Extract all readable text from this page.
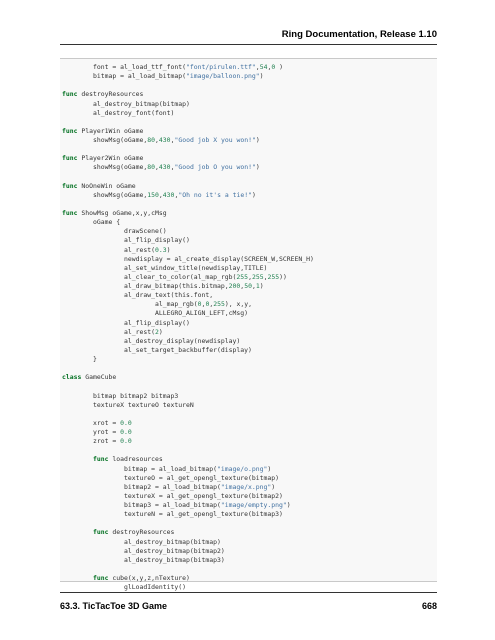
Ring Documentation, Release 1.10
font = al_load_ttf_font("font/pirulen.ttf",54,0 )
bitmap = al_load_bitmap("image/balloon.png")
func destroyResources
al_destroy_bitmap(bitmap)
al_destroy_font(font)
func Player1Win oGame
showMsg(oGame,80,430,"Good job X you won!")
func Player2Win oGame
showMsg(oGame,80,430,"Good job O you won!")
func NoOneWin oGame
showMsg(oGame,150,430,"Oh no it's a tie!")
func ShowMsg oGame,x,y,cMsg
oGame {
drawScene()
al_flip_display()
al_rest(0.3)
newdisplay = al_create_display(SCREEN_W,SCREEN_H)
al_set_window_title(newdisplay,TITLE)
al_clear_to_color(al_map_rgb(255,255,255))
al_draw_bitmap(this.bitmap,200,50,1)
al_draw_text(this.font,
al_map_rgb(0,0,255), x,y,
ALLEGRO_ALIGN_LEFT,cMsg)
al_flip_display()
al_rest(2)
al_destroy_display(newdisplay)
al_set_target_backbuffer(display)
}
class GameCube
bitmap bitmap2 bitmap3
textureX textureO textureN
xrot = 0.0
yrot = 0.0
zrot = 0.0
func loadresources
bitmap = al_load_bitmap("image/o.png")
textureO = al_get_opengl_texture(bitmap)
bitmap2 = al_load_bitmap("image/x.png")
textureX = al_get_opengl_texture(bitmap2)
bitmap3 = al_load_bitmap("image/empty.png")
textureN = al_get_opengl_texture(bitmap3)
func destroyResources
al_destroy_bitmap(bitmap)
al_destroy_bitmap(bitmap2)
al_destroy_bitmap(bitmap3)
func cube(x,y,z,nTexture)
glLoadIdentity()
63.3. TicTacToe 3D Game	668
